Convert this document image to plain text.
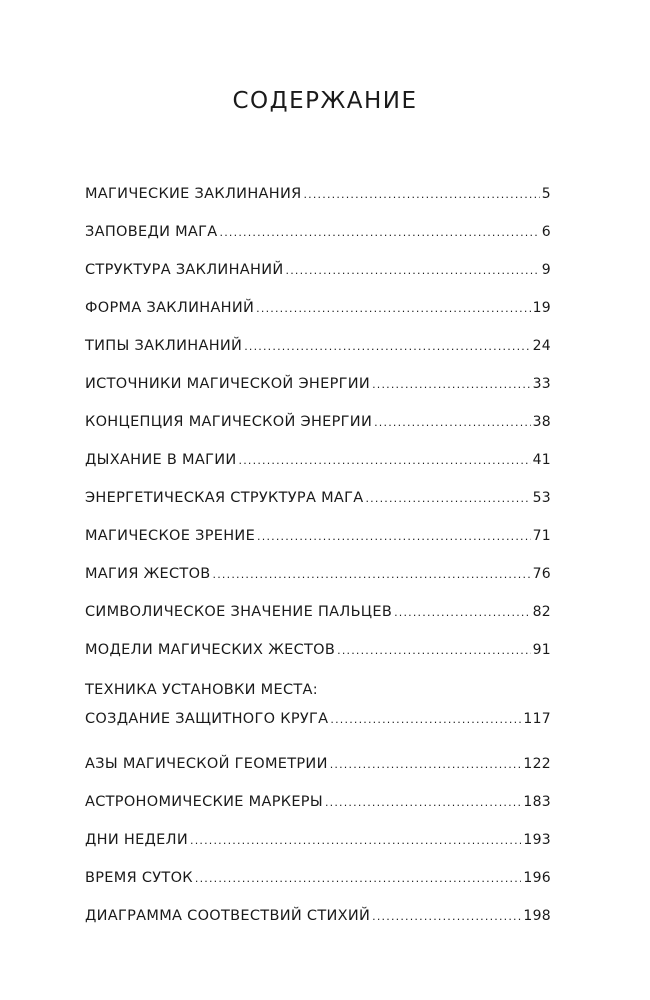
СОДЕРЖАНИЕ
МАГИЧЕСКИЕ ЗАКЛИНАНИЯ .....	5
ЗАПОВЕДИ МАГА .....	6
СТРУКТУРА ЗАКЛИНАНИЙ .....	9
ФОРМА ЗАКЛИНАНИЙ .....	19
ТИПЫ ЗАКЛИНАНИЙ .....	24
ИСТОЧНИКИ МАГИЧЕСКОЙ ЭНЕРГИИ .....	33
КОНЦЕПЦИЯ МАГИЧЕСКОЙ ЭНЕРГИИ .....	38
ДЫХАНИЕ В МАГИИ .....	41
ЭНЕРГЕТИЧЕСКАЯ СТРУКТУРА МАГА .....	53
МАГИЧЕСКОЕ ЗРЕНИЕ .....	71
МАГИЯ ЖЕСТОВ .....	76
СИМВОЛИЧЕСКОЕ ЗНАЧЕНИЕ ПАЛЬЦЕВ .....	82
МОДЕЛИ МАГИЧЕСКИХ ЖЕСТОВ .....	91
ТЕХНИКА УСТАНОВКИ МЕСТА:
СОЗДАНИЕ ЗАЩИТНОГО КРУГА .....	117
АЗЫ МАГИЧЕСКОЙ ГЕОМЕТРИИ .....	122
АСТРОНОМИЧЕСКИЕ МАРКЕРЫ .....	183
ДНИ НЕДЕЛИ .....	193
ВРЕМЯ СУТОК .....	196
ДИАГРАММА СООТВЕСТВИЙ СТИХИЙ .....	198
